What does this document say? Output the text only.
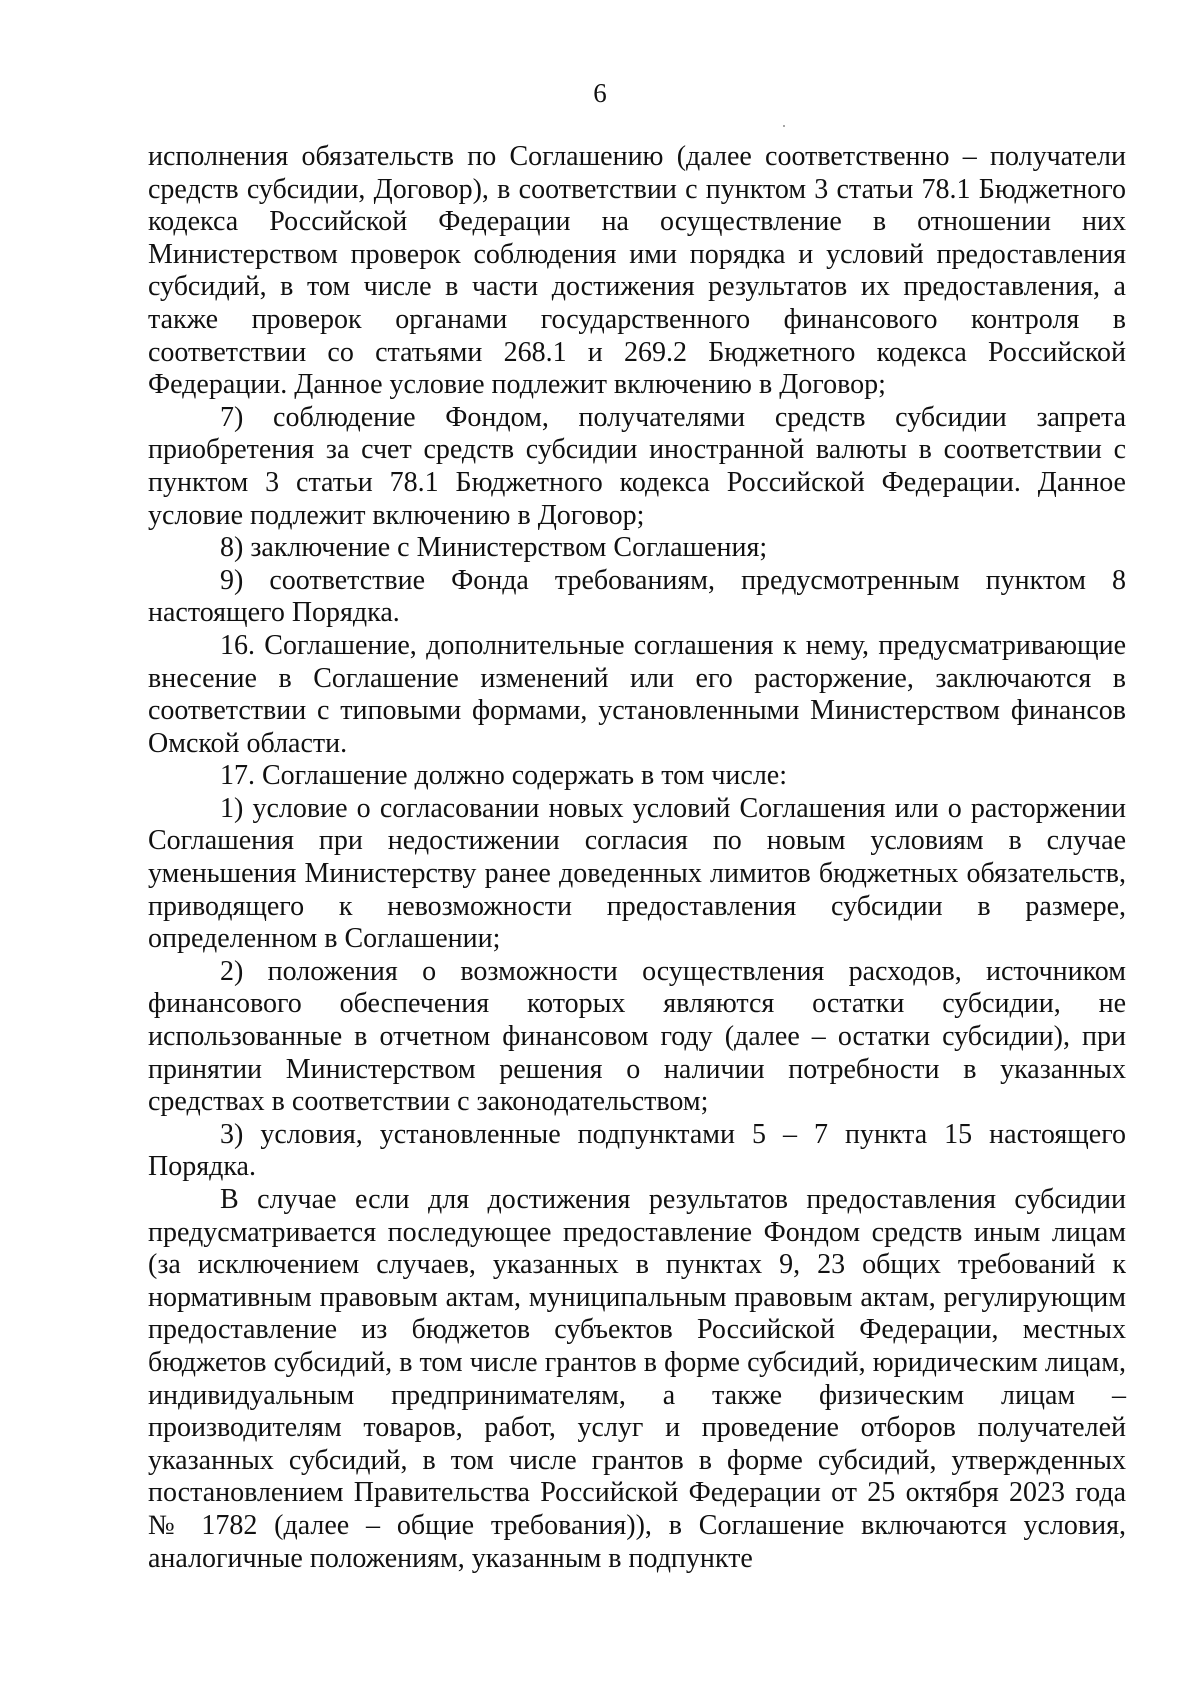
6

исполнения обязательств по Соглашению (далее соответственно – получатели средств субсидии, Договор), в соответствии с пунктом 3 статьи 78.1 Бюджетного кодекса Российской Федерации на осуществление в отношении них Министерством проверок соблюдения ими порядка и условий предоставления субсидий, в том числе в части достижения результатов их предоставления, а также проверок органами государственного финансового контроля в соответствии со статьями 268.1 и 269.2 Бюджетного кодекса Российской Федерации. Данное условие подлежит включению в Договор;

7) соблюдение Фондом, получателями средств субсидии запрета приобретения за счет средств субсидии иностранной валюты в соответствии с пунктом 3 статьи 78.1 Бюджетного кодекса Российской Федерации. Данное условие подлежит включению в Договор;

8) заключение с Министерством Соглашения;

9) соответствие Фонда требованиям, предусмотренным пунктом 8 настоящего Порядка.

16. Соглашение, дополнительные соглашения к нему, предусматривающие внесение в Соглашение изменений или его расторжение, заключаются в соответствии с типовыми формами, установленными Министерством финансов Омской области.

17. Соглашение должно содержать в том числе:

1) условие о согласовании новых условий Соглашения или о расторжении Соглашения при недостижении согласия по новым условиям в случае уменьшения Министерству ранее доведенных лимитов бюджетных обязательств, приводящего к невозможности предоставления субсидии в размере, определенном в Соглашении;

2) положения о возможности осуществления расходов, источником финансового обеспечения которых являются остатки субсидии, не использованные в отчетном финансовом году (далее – остатки субсидии), при принятии Министерством решения о наличии потребности в указанных средствах в соответствии с законодательством;

3) условия, установленные подпунктами 5 – 7 пункта 15 настоящего Порядка.

В случае если для достижения результатов предоставления субсидии предусматривается последующее предоставление Фондом средств иным лицам (за исключением случаев, указанных в пунктах 9, 23 общих требований к нормативным правовым актам, муниципальным правовым актам, регулирующим предоставление из бюджетов субъектов Российской Федерации, местных бюджетов субсидий, в том числе грантов в форме субсидий, юридическим лицам, индивидуальным предпринимателям, а также физическим лицам – производителям товаров, работ, услуг и проведение отборов получателей указанных субсидий, в том числе грантов в форме субсидий, утвержденных постановлением Правительства Российской Федерации от 25 октября 2023 года № 1782 (далее – общие требования)), в Соглашение включаются условия, аналогичные положениям, указанным в подпункте
